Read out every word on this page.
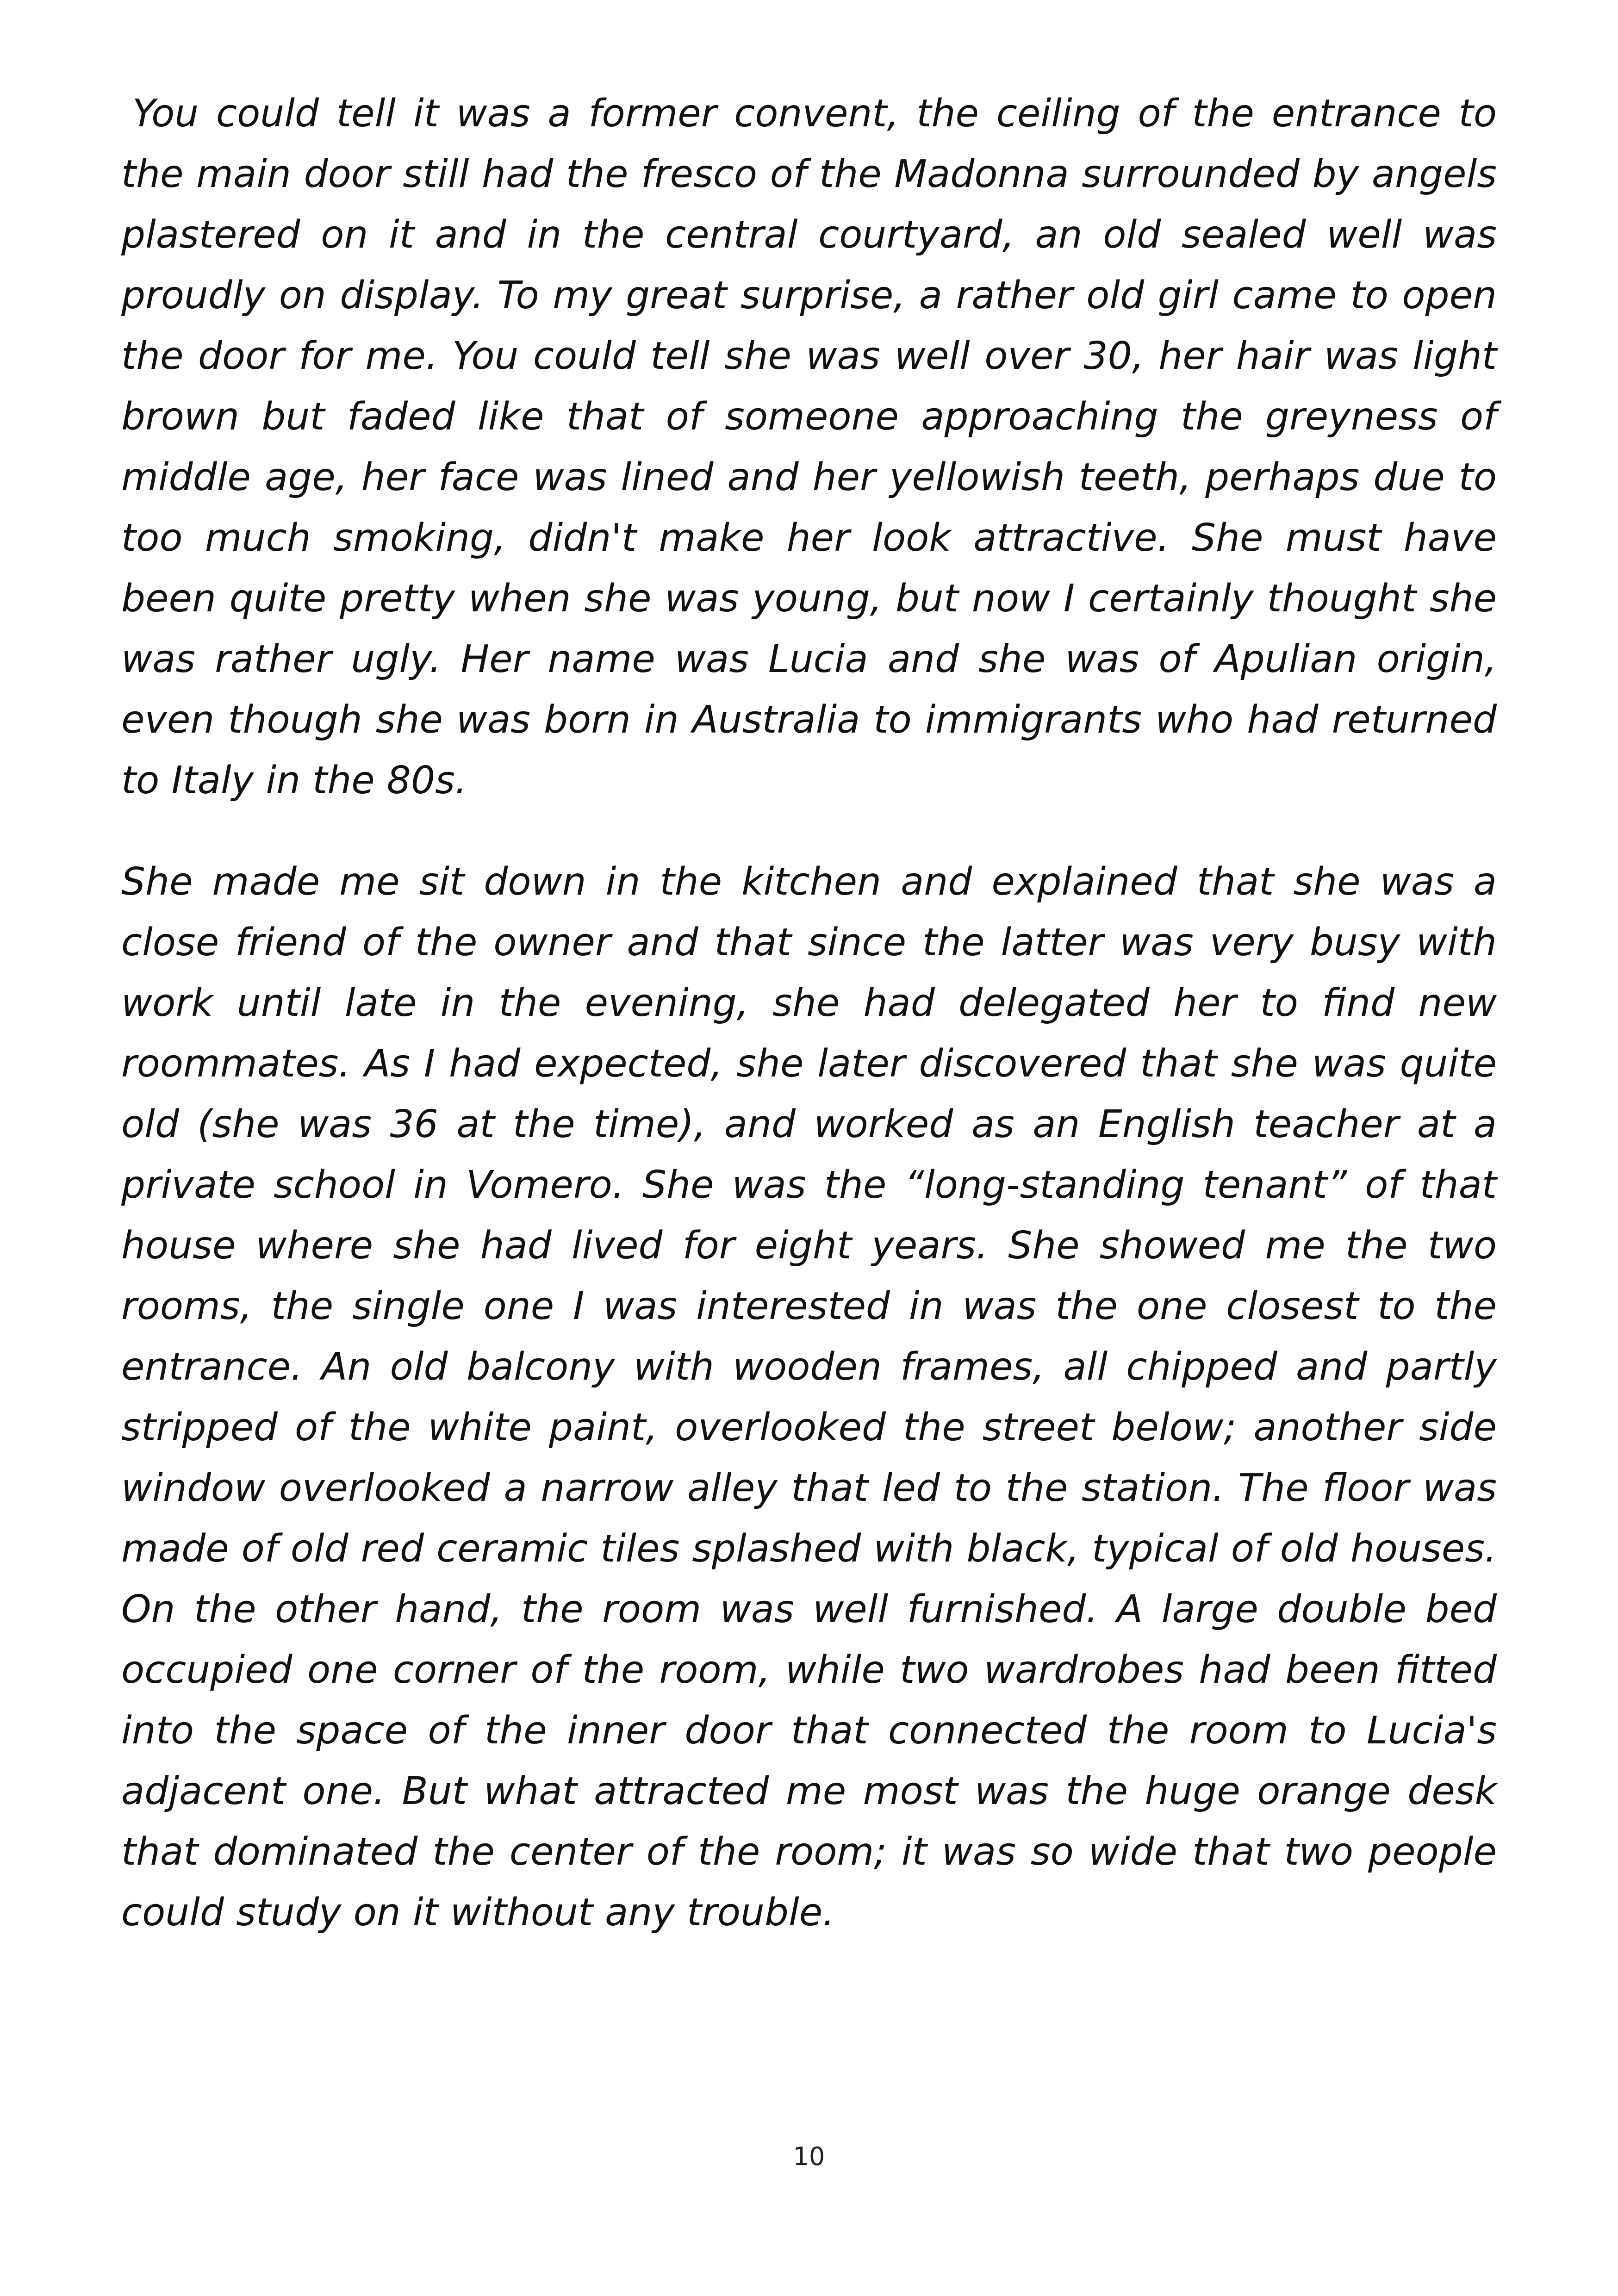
You could tell it was a former convent, the ceiling of the entrance to the main door still had the fresco of the Madonna surrounded by angels plastered on it and in the central courtyard, an old sealed well was proudly on display. To my great surprise, a rather old girl came to open the door for me. You could tell she was well over 30, her hair was light brown but faded like that of someone approaching the greyness of middle age, her face was lined and her yellowish teeth, perhaps due to too much smoking, didn't make her look attractive. She must have been quite pretty when she was young, but now I certainly thought she was rather ugly. Her name was Lucia and she was of Apulian origin, even though she was born in Australia to immigrants who had returned to Italy in the 80s.

She made me sit down in the kitchen and explained that she was a close friend of the owner and that since the latter was very busy with work until late in the evening, she had delegated her to find new roommates. As I had expected, she later discovered that she was quite old (she was 36 at the time), and worked as an English teacher at a private school in Vomero. She was the “long-standing tenant” of that house where she had lived for eight years. She showed me the two rooms, the single one I was interested in was the one closest to the entrance. An old balcony with wooden frames, all chipped and partly stripped of the white paint, overlooked the street below; another side window overlooked a narrow alley that led to the station. The floor was made of old red ceramic tiles splashed with black, typical of old houses. On the other hand, the room was well furnished. A large double bed occupied one corner of the room, while two wardrobes had been fitted into the space of the inner door that connected the room to Lucia's adjacent one. But what attracted me most was the huge orange desk that dominated the center of the room; it was so wide that two people could study on it without any trouble.

10
